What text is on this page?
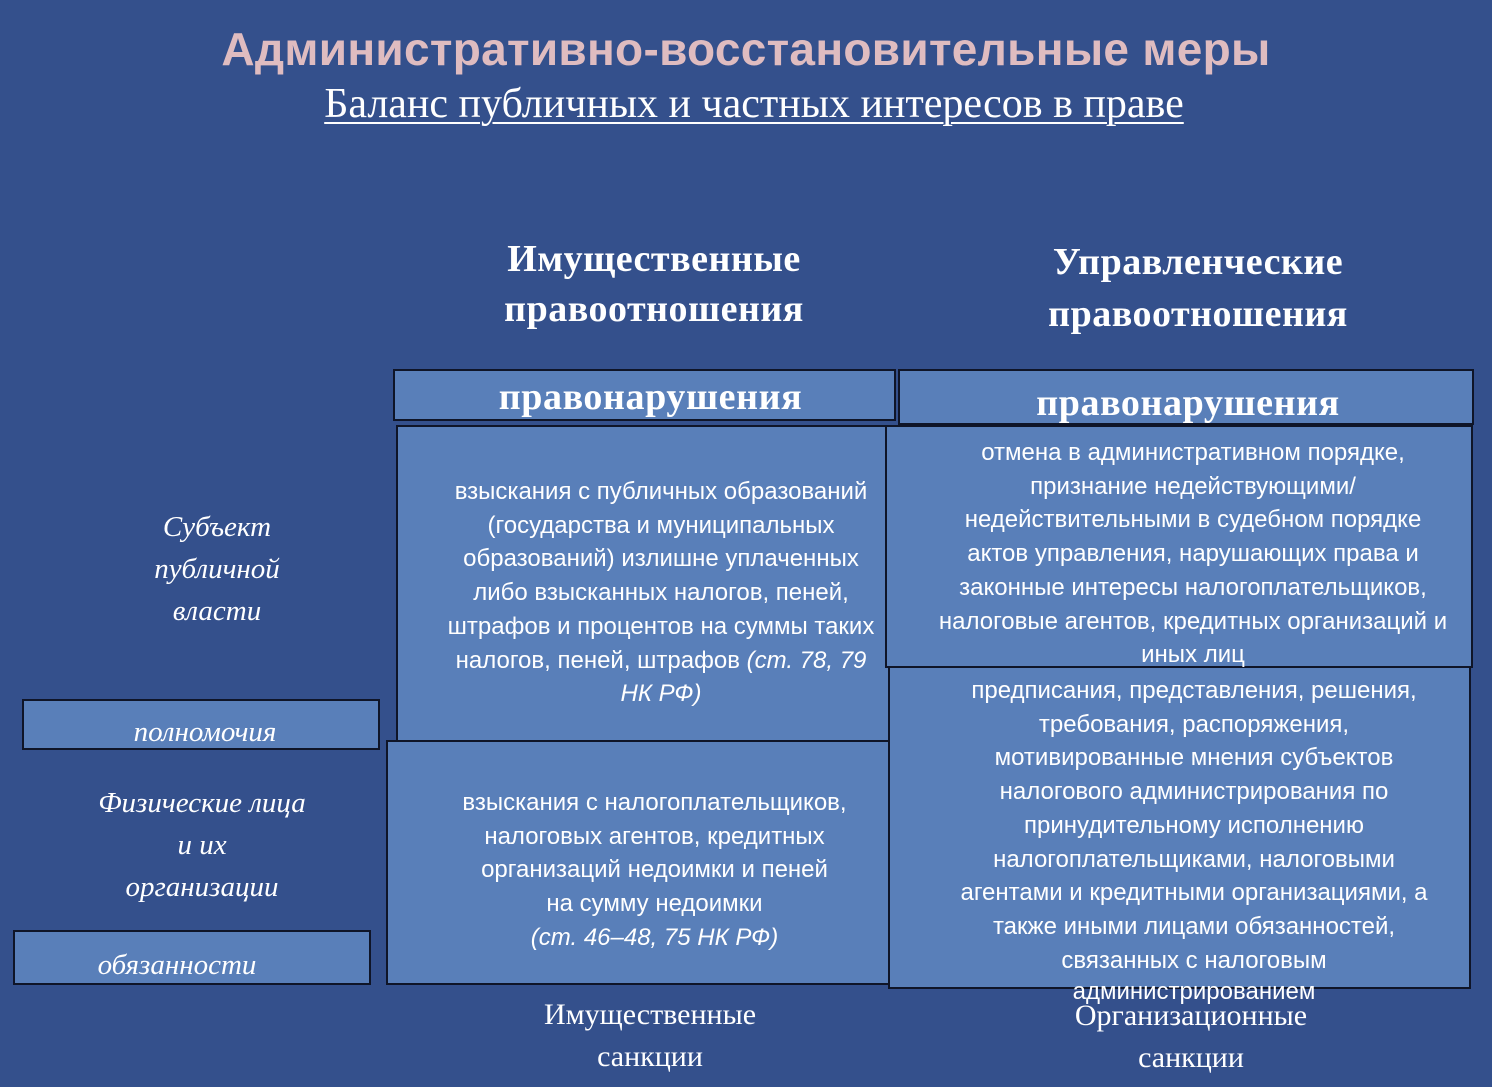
Административно-восстановительные меры
Баланс публичных и частных интересов в праве
Имущественные
правоотношения
Управленческие
правоотношения
правонарушения	правонарушения
Субъект
публичной
власти
полномочия
Физические лица
и их
организации
обязанности
взыскания с публичных образований
(государства и муниципальных
образований) излишне уплаченных
либо взысканных налогов, пеней,
штрафов и процентов на суммы таких
налогов, пеней, штрафов (ст. 78, 79
НК РФ)
взыскания с налогоплательщиков,
налоговых агентов, кредитных
организаций недоимки и пеней
на сумму недоимки
(ст. 46–48, 75 НК РФ)
предписания, представления, решения,
требования, распоряжения,
мотивированные мнения субъектов
налогового администрирования по
принудительному исполнению
налогоплательщиками, налоговыми
агентами и кредитными организациями, а
также иными лицами обязанностей,
связанных с налоговым
администрированием
отмена в административном порядке,
признание недействующими/
недействительными в судебном порядке
актов управления, нарушающих права и
законные интересы налогоплательщиков,
налоговые агентов, кредитных организаций и
иных лиц
Имущественные
санкции
Организационные
санкции
